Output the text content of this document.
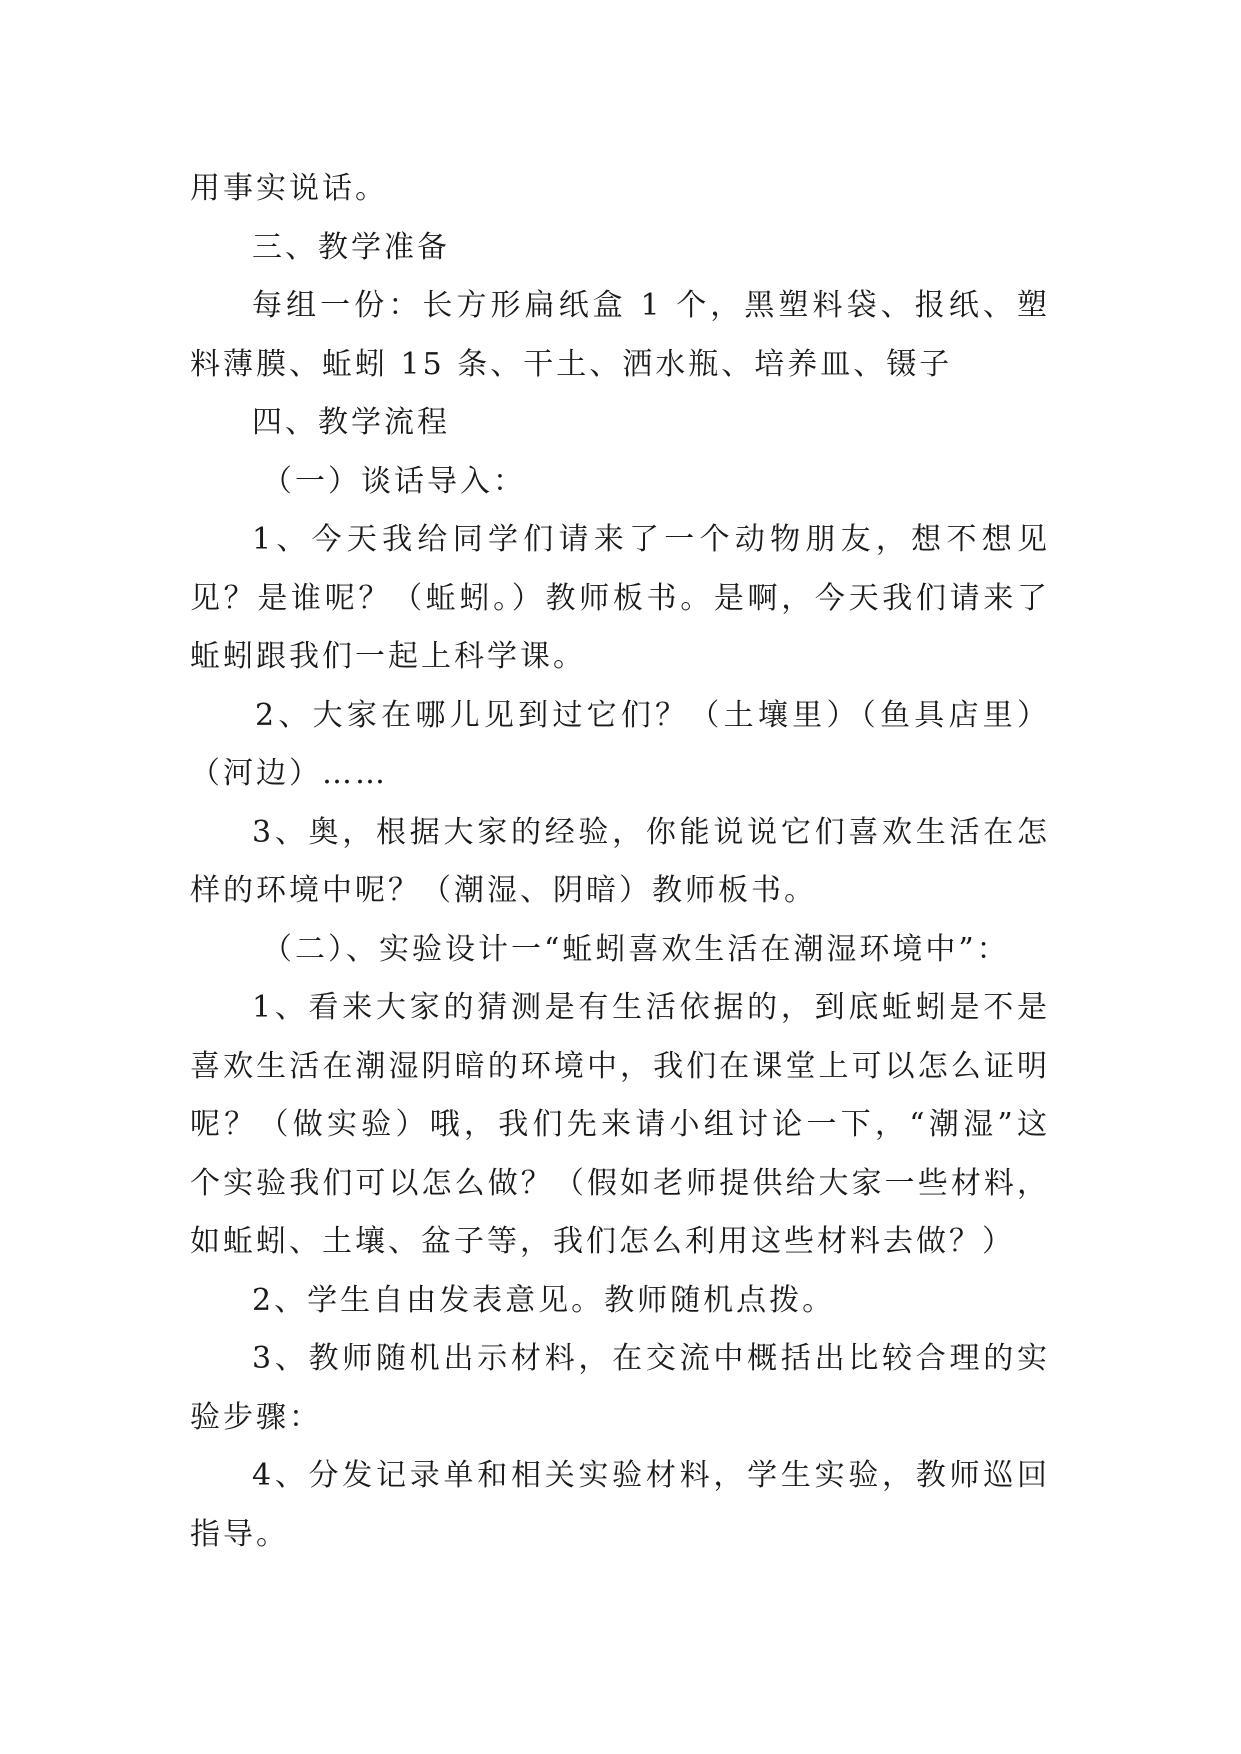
用事实说话。

三、教学准备

每组一份：长方形扁纸盒 1 个，黑塑料袋、报纸、塑料薄膜、蚯蚓 15 条、干土、洒水瓶、培养皿、镊子

四、教学流程

（一）谈话导入：

1、今天我给同学们请来了一个动物朋友，想不想见见？是谁呢？（蚯蚓。）教师板书。是啊，今天我们请来了蚯蚓跟我们一起上科学课。

2、大家在哪儿见到过它们？（土壤里）（鱼具店里）（河边）……

3、奥，根据大家的经验，你能说说它们喜欢生活在怎样的环境中呢？（潮湿、阴暗）教师板书。

（二）、实验设计一“蚯蚓喜欢生活在潮湿环境中”：

1、看来大家的猜测是有生活依据的，到底蚯蚓是不是喜欢生活在潮湿阴暗的环境中，我们在课堂上可以怎么证明呢？（做实验）哦，我们先来请小组讨论一下，“潮湿”这个实验我们可以怎么做？（假如老师提供给大家一些材料，如蚯蚓、土壤、盆子等，我们怎么利用这些材料去做？）

2、学生自由发表意见。教师随机点拨。

3、教师随机出示材料，在交流中概括出比较合理的实验步骤：

4、分发记录单和相关实验材料，学生实验，教师巡回指导。
